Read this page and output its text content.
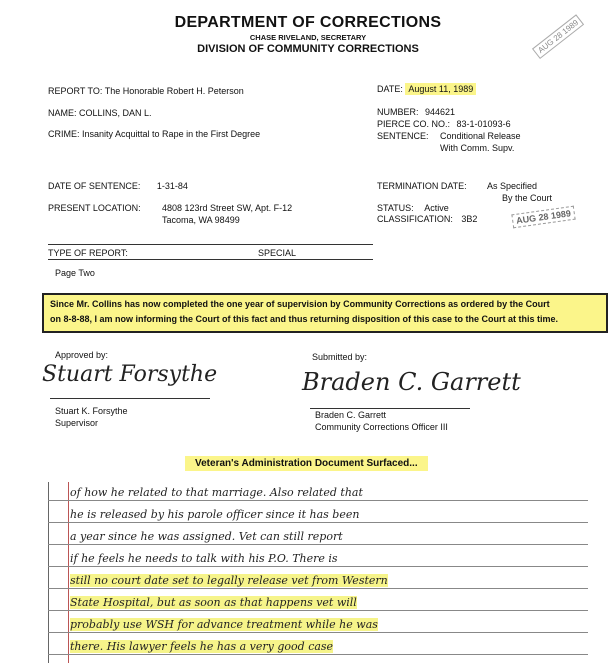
DEPARTMENT OF CORRECTIONS
CHASE RIVELAND, SECRETARY
DIVISION OF COMMUNITY CORRECTIONS	AUG 28 1989
REPORT TO: The Honorable Robert H. Peterson
NAME: COLLINS, DAN L.
CRIME: Insanity Acquittal to Rape in the First Degree
DATE OF SENTENCE: 1-31-84
PRESENT LOCATION: 4808 123rd Street SW, Apt. F-12
Tacoma, WA 98499
DATE: August 11, 1989
NUMBER: 944621
PIERCE CO. NO.: 83-1-01093-6
SENTENCE: Conditional Release
With Comm. Supv.
TERMINATION DATE: As Specified
By the Court
STATUS: Active
CLASSIFICATION: 3B2	AUG 28 1989
TYPE OF REPORT:	SPECIAL
Page Two
Since Mr. Collins has now completed the one year of supervision by Community Corrections as ordered by the Court
on 8-8-88, I am now informing the Court of this fact and thus returning disposition of this case to the Court at this time.
Approved by:
Stuart Forsythe
Stuart K. Forsythe
Supervisor
Submitted by:
Braden C. Garrett
Braden C. Garrett
Community Corrections Officer III
Veteran's Administration Document Surfaced...
of how he related to that marriage. Also related that
he is released by his parole officer since it has been
a year since he was assigned. Vet can still report
if he feels he needs to talk with his P.O. There is
still no court date set to legally release vet from Western
State Hospital, but as soon as that happens vet will
probably use WSH for advance treatment while he was
there. His lawyer feels he has a very good case
